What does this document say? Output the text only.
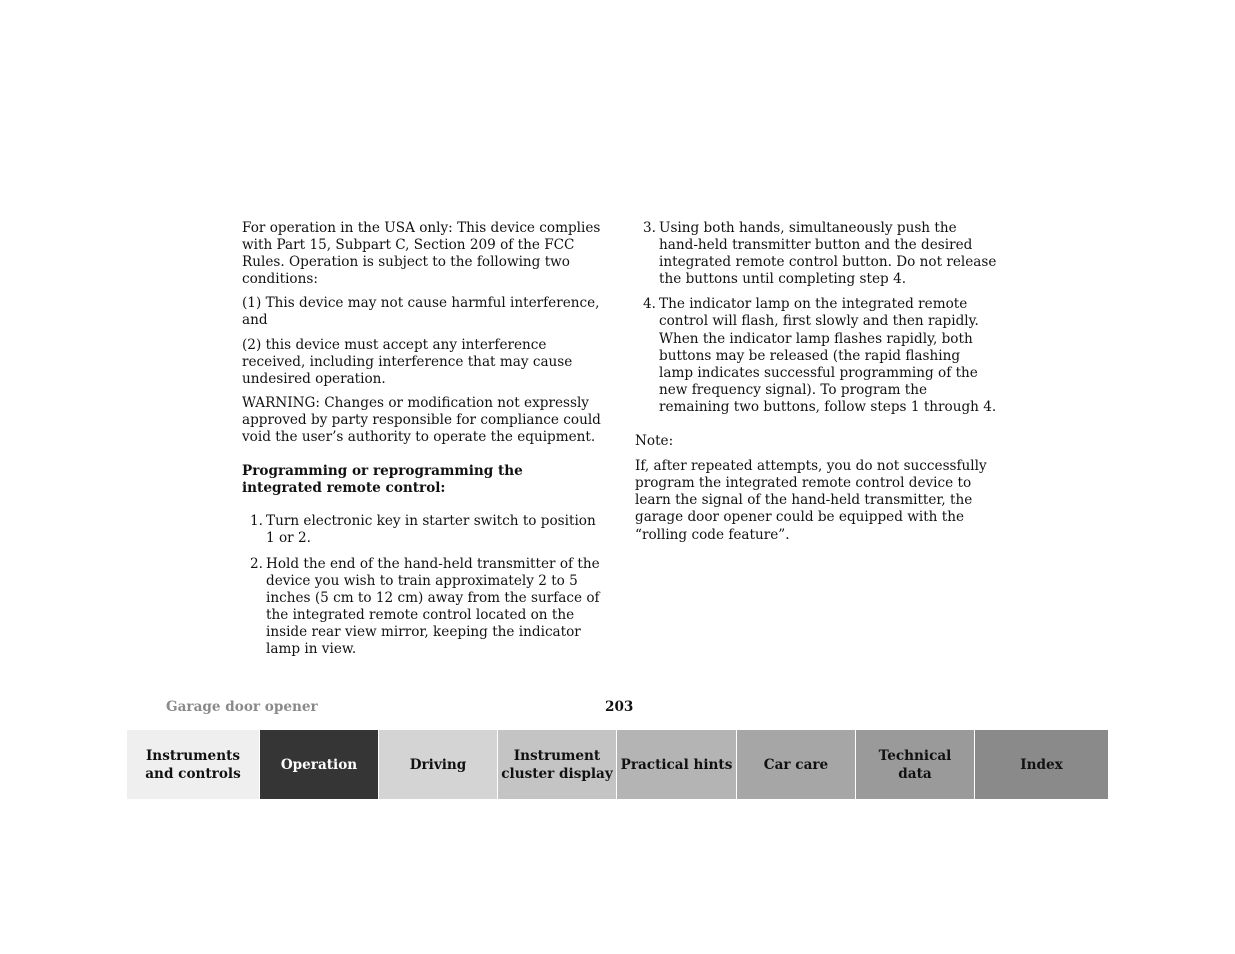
For operation in the USA only: This device complies with Part 15, Subpart C, Section 209 of the FCC Rules. Operation is subject to the following two conditions:

(1) This device may not cause harmful interference, and

(2) this device must accept any interference received, including interference that may cause undesired operation.

WARNING: Changes or modification not expressly approved by party responsible for compliance could void the user’s authority to operate the equipment.

Programming or reprogramming the integrated remote control:

1. Turn electronic key in starter switch to position 1 or 2.
2. Hold the end of the hand-held transmitter of the device you wish to train approximately 2 to 5 inches (5 cm to 12 cm) away from the surface of the integrated remote control located on the inside rear view mirror, keeping the indicator lamp in view.
3. Using both hands, simultaneously push the hand-held transmitter button and the desired integrated remote control button. Do not release the buttons until completing step 4.
4. The indicator lamp on the integrated remote control will flash, first slowly and then rapidly. When the indicator lamp flashes rapidly, both buttons may be released (the rapid flashing lamp indicates successful programming of the new frequency signal). To program the remaining two buttons, follow steps 1 through 4.

Note:

If, after repeated attempts, you do not successfully program the integrated remote control device to learn the signal of the hand-held transmitter, the garage door opener could be equipped with the “rolling code feature”.

Garage door opener	203
Instruments
and controls
Operation	Driving
Instrument
cluster display
Practical hints Car care
Technical
data
Index
